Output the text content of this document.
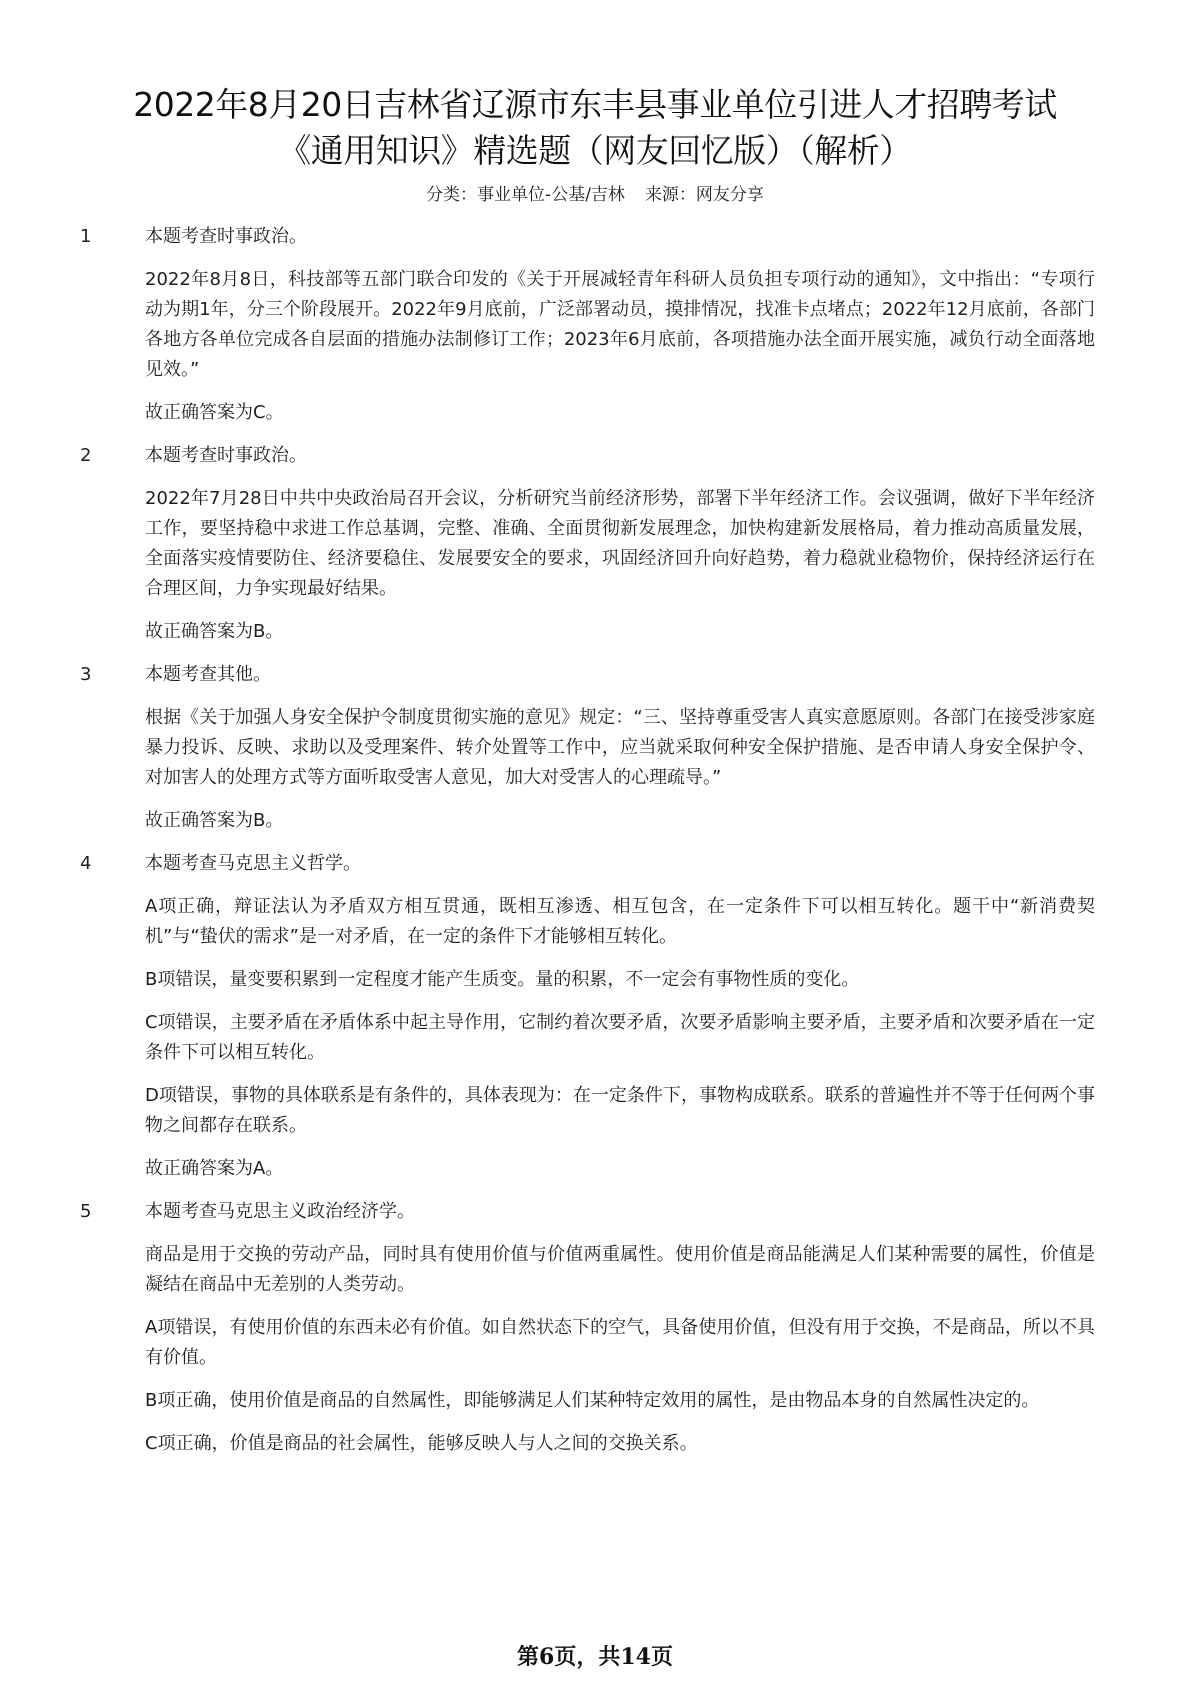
2022年8月20日吉林省辽源市东丰县事业单位引进人才招聘考试
《通用知识》精选题（网友回忆版）（解析）
分类：事业单位-公基/吉林 来源：网友分享
1	本题考查时事政治。

2022年8月8日，科技部等五部门联合印发的《关于开展减轻青年科研人员负担专项行动的通知》，文中指出：“专项行动为期1年，分三个阶段展开。2022年9月底前，广泛部署动员，摸排情况，找准卡点堵点；2022年12月底前，各部门各地方各单位完成各自层面的措施办法制修订工作；2023年6月底前，各项措施办法全面开展实施，减负行动全面落地见效。”

故正确答案为C。

2	本题考查时事政治。

2022年7月28日中共中央政治局召开会议，分析研究当前经济形势，部署下半年经济工作。会议强调，做好下半年经济工作，要坚持稳中求进工作总基调，完整、准确、全面贯彻新发展理念，加快构建新发展格局，着力推动高质量发展，全面落实疫情要防住、经济要稳住、发展要安全的要求，巩固经济回升向好趋势，着力稳就业稳物价，保持经济运行在合理区间，力争实现最好结果。

故正确答案为B。

3	本题考查其他。

根据《关于加强人身安全保护令制度贯彻实施的意见》规定：“三、坚持尊重受害人真实意愿原则。各部门在接受涉家庭暴力投诉、反映、求助以及受理案件、转介处置等工作中，应当就采取何种安全保护措施、是否申请人身安全保护令、对加害人的处理方式等方面听取受害人意见，加大对受害人的心理疏导。”

故正确答案为B。

4	本题考查马克思主义哲学。

A项正确，辩证法认为矛盾双方相互贯通，既相互渗透、相互包含，在一定条件下可以相互转化。题干中“新消费契机”与“蛰伏的需求”是一对矛盾，在一定的条件下才能够相互转化。

B项错误，量变要积累到一定程度才能产生质变。量的积累，不一定会有事物性质的变化。

C项错误，主要矛盾在矛盾体系中起主导作用，它制约着次要矛盾，次要矛盾影响主要矛盾，主要矛盾和次要矛盾在一定条件下可以相互转化。

D项错误，事物的具体联系是有条件的，具体表现为：在一定条件下，事物构成联系。联系的普遍性并不等于任何两个事物之间都存在联系。

故正确答案为A。

5	本题考查马克思主义政治经济学。

商品是用于交换的劳动产品，同时具有使用价值与价值两重属性。使用价值是商品能满足人们某种需要的属性，价值是凝结在商品中无差别的人类劳动。

A项错误，有使用价值的东西未必有价值。如自然状态下的空气，具备使用价值，但没有用于交换，不是商品，所以不具有价值。

B项正确，使用价值是商品的自然属性，即能够满足人们某种特定效用的属性，是由物品本身的自然属性决定的。

C项正确，价值是商品的社会属性，能够反映人与人之间的交换关系。

第6页，共14页
